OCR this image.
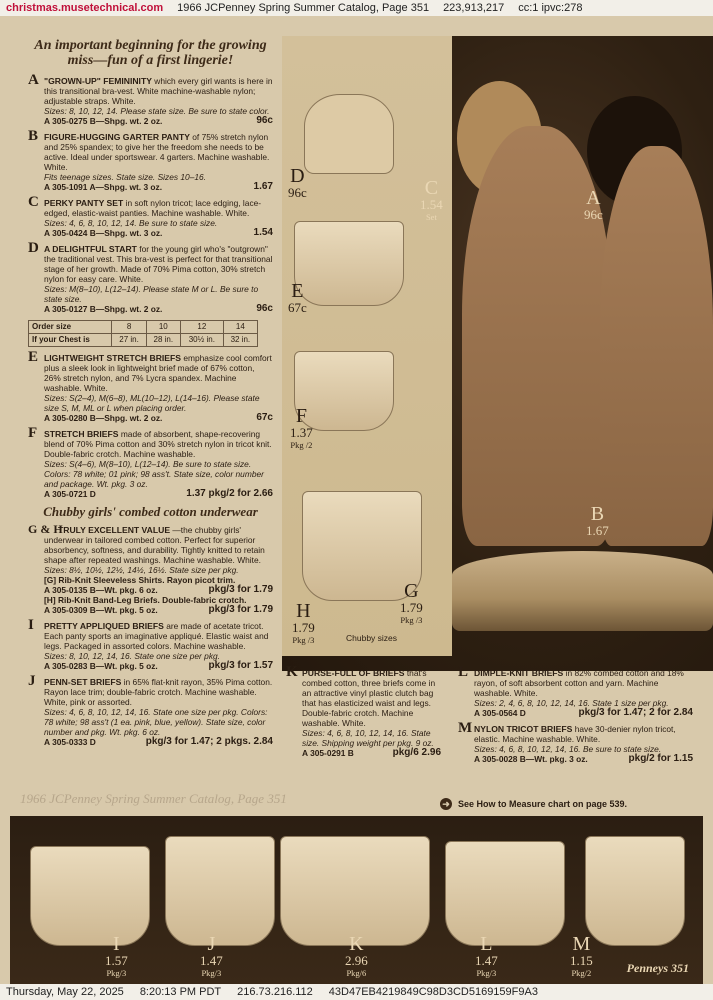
christmas.musetechnical.com 1966 JCPenney Spring Summer Catalog, Page 351 223,913,217 cc:1 ipvc:278
D
96c
E
67c
F
1.37
Pkg /2
C
1.54
Set
A
96c
B
1.67
H
1.79
Pkg /3
G
1.79
Pkg /3
Chubby sizes
An important beginning for the growing miss—fun of a first lingerie!
A "GROWN-UP" FEMININITY which every girl wants is here in this transitional bra-vest. White machine-washable nylon; adjustable straps. White.
Sizes: 8, 10, 12, 14. Please state size. Be sure to state color.
A 305-0275 B—Shpg. wt. 2 oz.	96c
B FIGURE-HUGGING GARTER PANTY of 75% stretch nylon and 25% spandex; to give her the freedom she needs to be active. Ideal under sportswear. 4 garters. Machine washable. White.
Fits teenage sizes. State size. Sizes 10–16.
A 305-1091 A—Shpg. wt. 3 oz.	1.67
C PERKY PANTY SET in soft nylon tricot; lace edging, lace-edged, elastic-waist panties. Machine washable. White.
Sizes: 4, 6, 8, 10, 12, 14. Be sure to state size.
A 305-0424 B—Shpg. wt. 3 oz.	1.54
D A DELIGHTFUL START for the young girl who's "outgrown" the traditional vest. This bra-vest is perfect for that transitional stage of her growth. Made of 70% Pima cotton, 30% stretch nylon for easy care. White.
Sizes: M(8–10), L(12–14). Please state M or L. Be sure to state size.
A 305-0127 B—Shpg. wt. 2 oz.	96c
Order size	8	10	12	14
If your Chest is	27 in.	28 in.	30½ in.	32 in.
E LIGHTWEIGHT STRETCH BRIEFS emphasize cool comfort plus a sleek look in lightweight brief made of 67% cotton, 26% stretch nylon, and 7% Lycra spandex. Machine washable. White.
Sizes: S(2–4), M(6–8), ML(10–12), L(14–16). Please state size S, M, ML or L when placing order.
A 305-0280 B—Shpg. wt. 2 oz.	67c
F STRETCH BRIEFS made of absorbent, shape-recovering blend of 70% Pima cotton and 30% stretch nylon in tricot knit. Double-fabric crotch. Machine washable.
Sizes: S(4–6), M(8–10), L(12–14). Be sure to state size. Colors: 78 white; 01 pink; 98 ass't. State size, color number and package. Wt. pkg. 3 oz.
A 305-0721 D	1.37 pkg/2 for 2.66
Chubby girls' combed cotton underwear
G & H
TRULY EXCELLENT VALUE —the chubby girls' underwear in tailored combed cotton. Perfect for superior absorbency, softness, and durability. Tightly knitted to retain shape after repeated washings. Machine washable. White.
Sizes: 8½, 10½, 12½, 14½, 16½. State size per pkg.
[G] Rib-Knit Sleeveless Shirts. Rayon picot trim.
A 305-0135 B—Wt. pkg. 6 oz.	pkg/3 for 1.79
[H] Rib-Knit Band-Leg Briefs. Double-fabric crotch.
A 305-0309 B—Wt. pkg. 5 oz.	pkg/3 for 1.79
I PRETTY APPLIQUED BRIEFS are made of acetate tricot. Each panty sports an imaginative appliqué. Elastic waist and legs. Packaged in assorted colors. Machine washable.
Sizes: 8, 10, 12, 14, 16. State one size per pkg.
A 305-0283 B—Wt. pkg. 5 oz.	pkg/3 for 1.57
J PENN-SET BRIEFS in 65% flat-knit rayon, 35% Pima cotton. Rayon lace trim; double-fabric crotch. Machine washable. White, pink or assorted.
Sizes: 4, 6, 8, 10, 12, 14, 16. State one size per pkg. Colors: 78 white; 98 ass't (1 ea. pink, blue, yellow). State size, color number and pkg. Wt. pkg. 6 oz.
A 305-0333 D	pkg/3 for 1.47; 2 pkgs. 2.84
K PURSE-FULL OF BRIEFS that's combed cotton, three briefs come in an attractive vinyl plastic clutch bag that has elasticized waist and legs. Double-fabric crotch. Machine washable. White.
Sizes: 4, 6, 8, 10, 12, 14, 16. State size. Shipping weight per pkg. 9 oz.
A 305-0291 B	pkg/6 2.96
L DIMPLE-KNIT BRIEFS in 82% combed cotton and 18% rayon, of soft absorbent cotton and yarn. Machine washable. White.
Sizes: 2, 4, 6, 8, 10, 12, 14, 16. State 1 size per pkg.
A 305-0564 D	pkg/3 for 1.47; 2 for 2.84
M NYLON TRICOT BRIEFS have 30-denier nylon tricot, elastic. Machine washable. White.
Sizes: 4, 6, 8, 10, 12, 14, 16. Be sure to state size.
A 305-0028 B—Wt. pkg. 3 oz.	pkg/2 for 1.15
➜ See How to Measure chart on page 539.
1966 JCPenney Spring Summer Catalog, Page 351
I
1.57
Pkg/3
J
1.47
Pkg/3
K
2.96
Pkg/6
L
1.47
Pkg/3
M
1.15
Pkg/2	Penneys 351
Thursday, May 22, 2025 8:20:13 PM PDT 216.73.216.112 43D47EB4219849C98D3CD5169159F9A3
